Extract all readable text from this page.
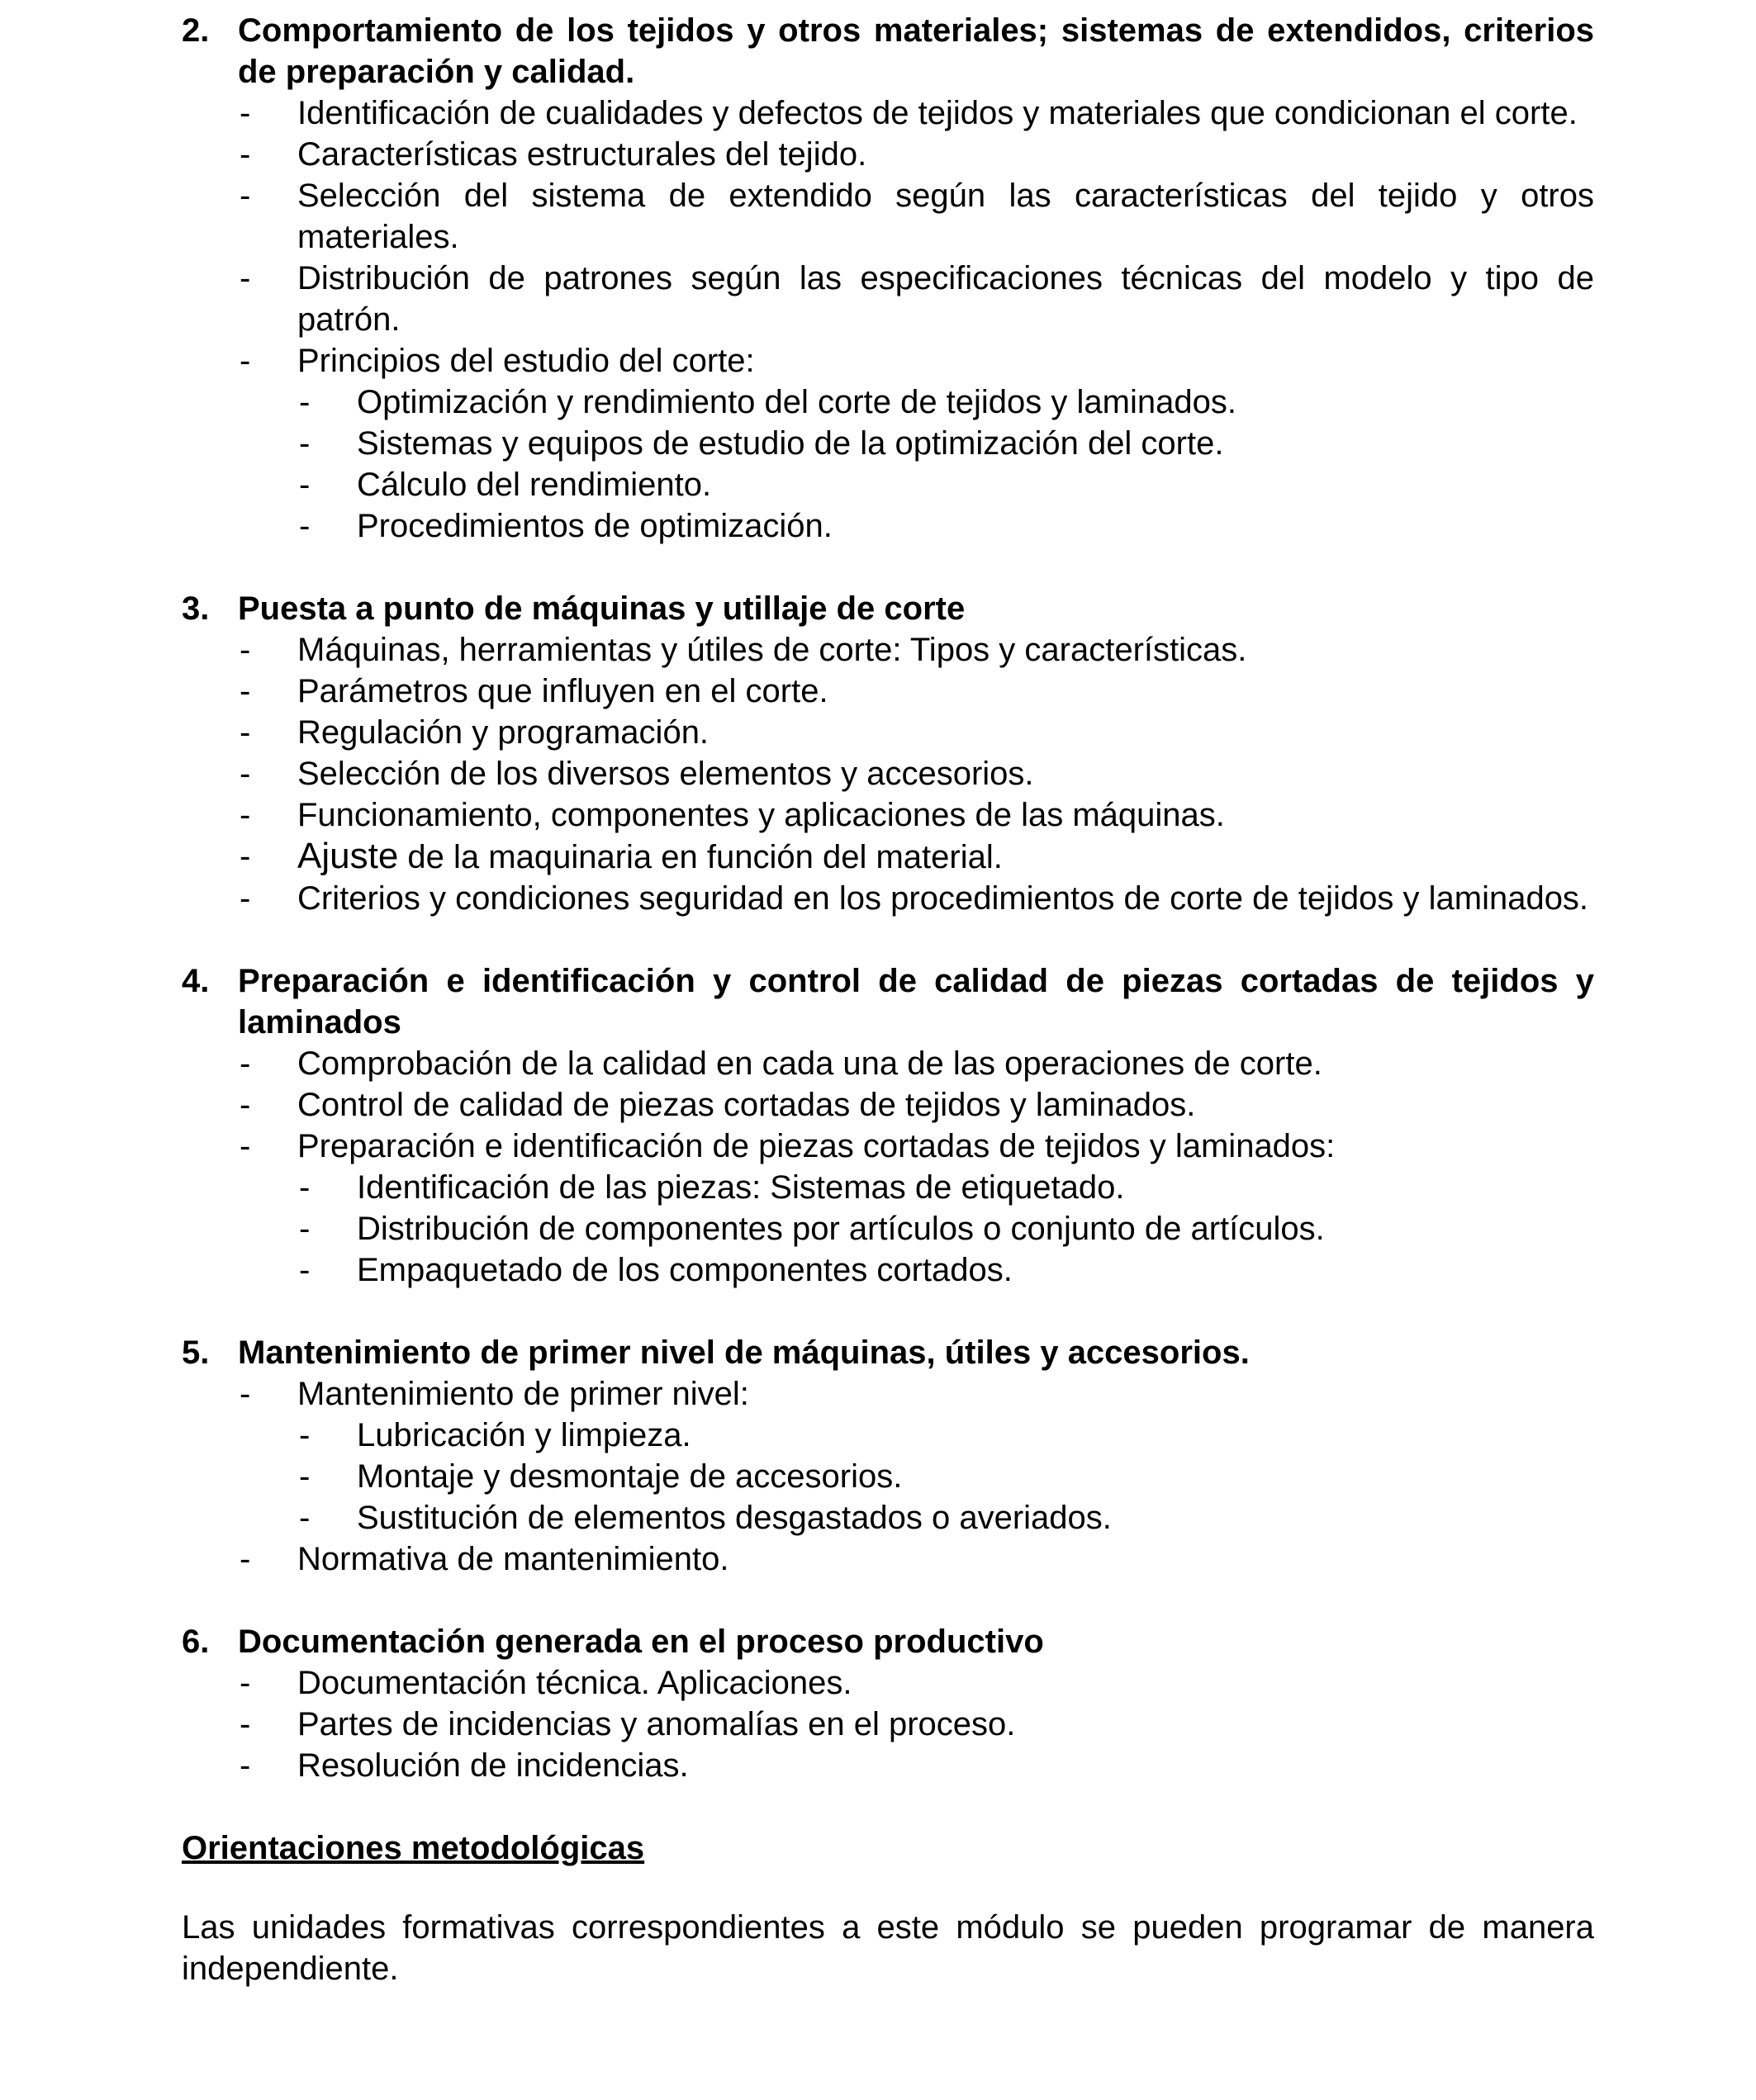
2. Comportamiento de los tejidos y otros materiales; sistemas de extendidos, criterios de preparación y calidad.
-	Identificación de cualidades y defectos de tejidos y materiales que condicionan el corte.
-	Características estructurales del tejido.
-	Selección del sistema de extendido según las características del tejido y otros materiales.
-	Distribución de patrones según las especificaciones técnicas del modelo y tipo de patrón.
-	Principios del estudio del corte:
-	Optimización y rendimiento del corte de tejidos y laminados.
-	Sistemas y equipos de estudio de la optimización del corte.
-	Cálculo del rendimiento.
-	Procedimientos de optimización.
3. Puesta a punto de máquinas y utillaje de corte
-	Máquinas, herramientas y útiles de corte: Tipos y características.
-	Parámetros que influyen en el corte.
-	Regulación y programación.
-	Selección de los diversos elementos y accesorios.
-	Funcionamiento, componentes y aplicaciones de las máquinas.
-	Ajuste de la maquinaria en función del material.
-	Criterios y condiciones seguridad en los procedimientos de corte de tejidos y laminados.
4. Preparación e identificación y control de calidad de piezas cortadas de tejidos y laminados
-	Comprobación de la calidad en cada una de las operaciones de corte.
-	Control de calidad de piezas cortadas de tejidos y laminados.
-	Preparación e identificación de piezas cortadas de tejidos y laminados:
-	Identificación de las piezas: Sistemas de etiquetado.
-	Distribución de componentes por artículos o conjunto de artículos.
-	Empaquetado de los componentes cortados.
5. Mantenimiento de primer nivel de máquinas, útiles y accesorios.
-	Mantenimiento de primer nivel:
-	Lubricación y limpieza.
-	Montaje y desmontaje de accesorios.
-	Sustitución de elementos desgastados o averiados.
-	Normativa de mantenimiento.
6. Documentación generada en el proceso productivo
-	Documentación técnica. Aplicaciones.
-	Partes de incidencias y anomalías en el proceso.
-	Resolución de incidencias.
Orientaciones metodológicas
Las unidades formativas correspondientes a este módulo se pueden programar de manera independiente.
